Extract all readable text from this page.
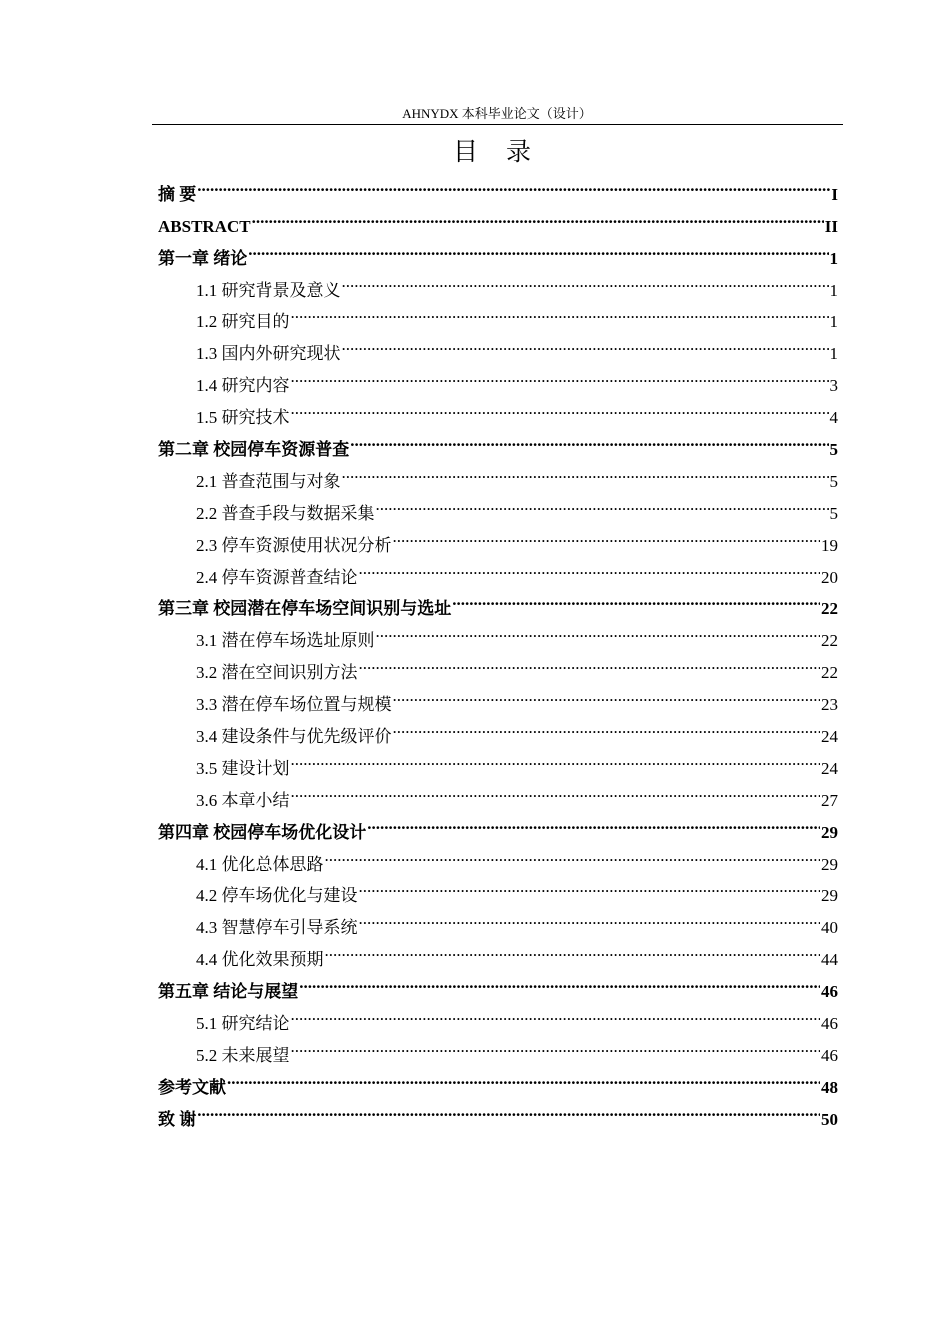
AHNYDX 本科毕业论文（设计）
目 录
摘 要 .....	I
ABSTRACT .....	II
第一章 绪论 .....	1
1.1 研究背景及意义 .....	1
1.2 研究目的 .....	1
1.3 国内外研究现状 .....	1
1.4 研究内容 .....	3
1.5 研究技术 .....	4
第二章 校园停车资源普查 .....	5
2.1 普查范围与对象 .....	5
2.2 普查手段与数据采集 .....	5
2.3 停车资源使用状况分析 .....	19
2.4 停车资源普查结论 .....	20
第三章 校园潜在停车场空间识别与选址 .....	22
3.1 潜在停车场选址原则 .....	22
3.2 潜在空间识别方法 .....	22
3.3 潜在停车场位置与规模 .....	23
3.4 建设条件与优先级评价 .....	24
3.5 建设计划 .....	24
3.6 本章小结 .....	27
第四章 校园停车场优化设计 .....	29
4.1 优化总体思路 .....	29
4.2 停车场优化与建设 .....	29
4.3 智慧停车引导系统 .....	40
4.4 优化效果预期 .....	44
第五章 结论与展望 .....	46
5.1 研究结论 .....	46
5.2 未来展望 .....	46
参考文献 .....	48
致 谢 .....	50
